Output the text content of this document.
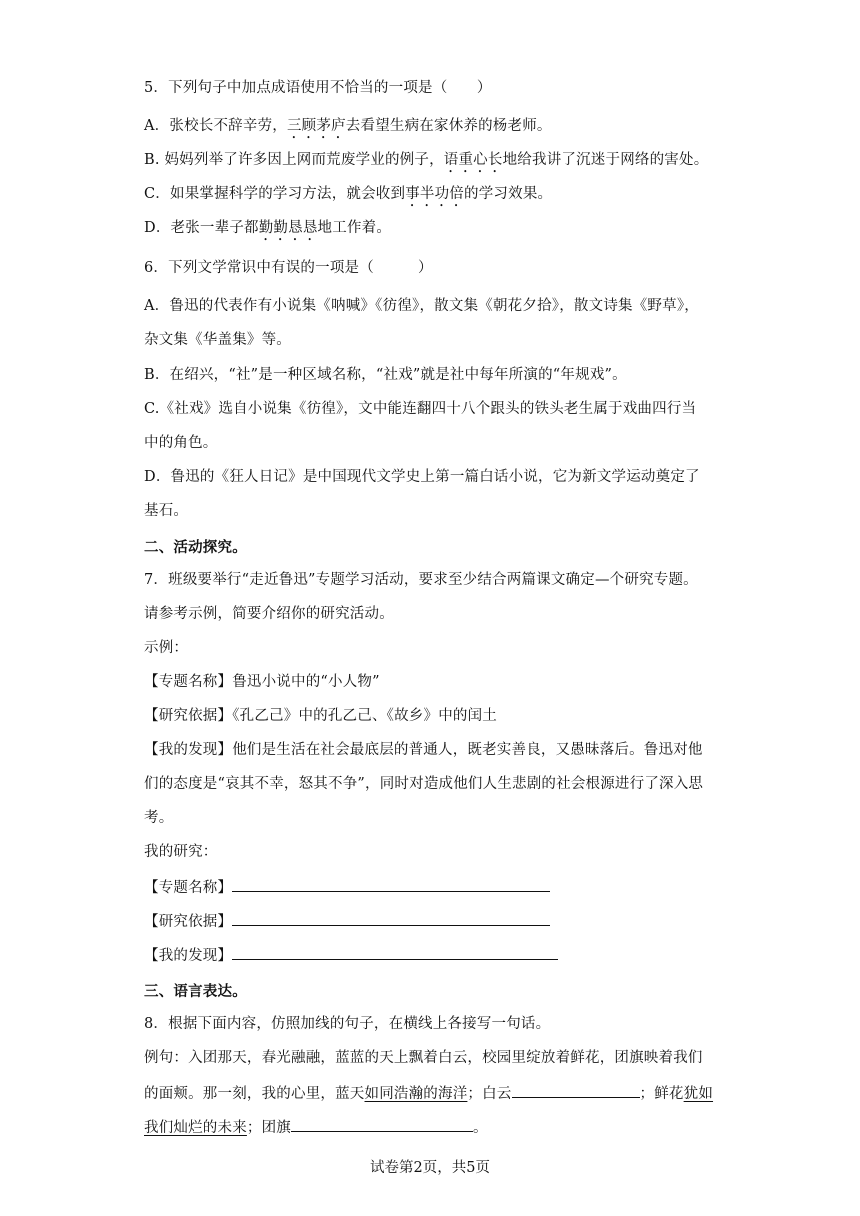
5．下列句子中加点成语使用不恰当的一项是（　　）
A．张校长不辞辛劳，三顾茅庐去看望生病在家休养的杨老师。
B. 妈妈列举了许多因上网而荒废学业的例子，语重心长地给我讲了沉迷于网络的害处。
C．如果掌握科学的学习方法，就会收到事半功倍的学习效果。
D．老张一辈子都勤勤恳恳地工作着。
6．下列文学常识中有误的一项是（　　　）
A．鲁迅的代表作有小说集《呐喊》《彷徨》，散文集《朝花夕拾》，散文诗集《野草》，
杂文集《华盖集》等。
B．在绍兴，“社”是一种区域名称，“社戏”就是社中每年所演的“年规戏”。
C.《社戏》选自小说集《彷徨》，文中能连翻四十八个跟头的铁头老生属于戏曲四行当
中的角色。
D．鲁迅的《狂人日记》是中国现代文学史上第一篇白话小说，它为新文学运动奠定了
基石。
二、活动探究。
7．班级要举行“走近鲁迅”专题学习活动，要求至少结合两篇课文确定—个研究专题。
请参考示例，简要介绍你的研究活动。
示例：
【专题名称】鲁迅小说中的“小人物”
【研究依据】《孔乙己》中的孔乙己、《故乡》中的闰土
【我的发现】他们是生活在社会最底层的普通人，既老实善良，又愚昧落后。鲁迅对他
们的态度是“哀其不幸，怒其不争”，同时对造成他们人生悲剧的社会根源进行了深入思
考。
我的研究：
【专题名称】
【研究依据】
【我的发现】
三、语言表达。
8．根据下面内容，仿照加线的句子，在横线上各接写一句话。
例句：入团那天，春光融融，蓝蓝的天上飘着白云，校园里绽放着鲜花，团旗映着我们
的面颊。那一刻，我的心里，蓝天如同浩瀚的海洋；白云	；鲜花犹如
我们灿烂的未来；团旗	。
试卷第2页，共5页
